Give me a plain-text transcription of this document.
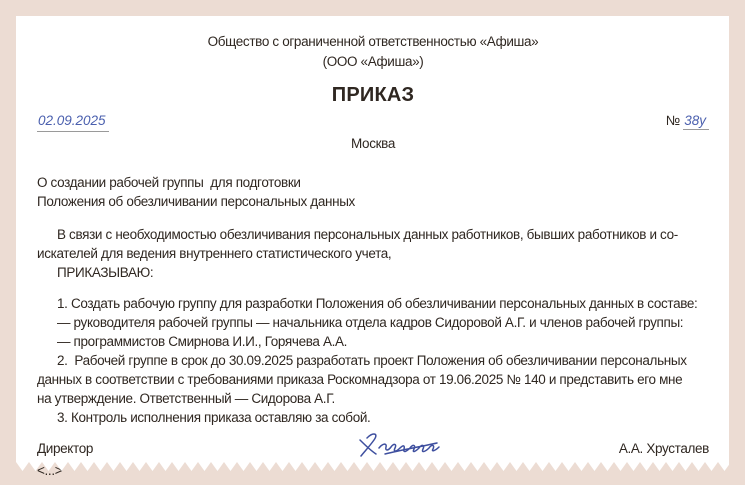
Общество с ограниченной ответственностью «Афиша»
(ООО «Афиша»)
ПРИКАЗ
02.09.2025	№ 38у
Москва
О создании рабочей группы  для подготовки
Положения об обезличивании персональных данных
В связи с необходимостью обезличивания персональных данных работников, бывших работников и со-
искателей для ведения внутреннего статистического учета,
ПРИКАЗЫВАЮ:
1. Создать рабочую группу для разработки Положения об обезличивании персональных данных в составе:
— руководителя рабочей группы — начальника отдела кадров Сидоровой А.Г. и членов рабочей группы:
— программистов Смирнова И.И., Горячева А.А.
2.  Рабочей группе в срок до 30.09.2025 разработать проект Положения об обезличивании персональных
данных в соответствии с требованиями приказа Роскомнадзора от 19.06.2025 № 140 и представить его мне
на утверждение. Ответственный — Сидорова А.Г.
3. Контроль исполнения приказа оставляю за собой.
Директор	А.А. Хрусталев
